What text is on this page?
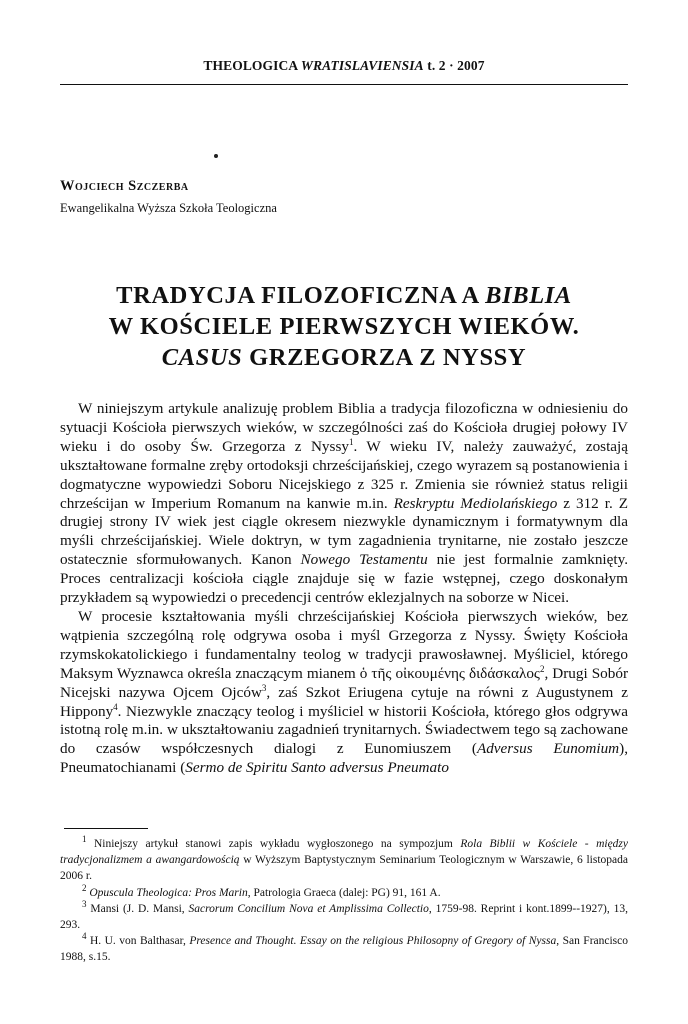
THEOLOGICA WRATISLAVIENSIA t. 2 · 2007
Wojciech Szczerba
Ewangelikalna Wyższa Szkoła Teologiczna
TRADYCJA FILOZOFICZNA A BIBLIA
W KOŚCIELE PIERWSZYCH WIEKÓW.
CASUS GRZEGORZA Z NYSSY

W niniejszym artykule analizuję problem Biblia a tradycja filozoficzna w odniesieniu do sytuacji Kościoła pierwszych wieków, w szczególności zaś do Kościoła drugiej połowy IV wieku i do osoby Św. Grzegorza z Nyssy$^1$. W wieku IV, należy zauważyć, zostają ukształtowane formalne zręby ortodoksji chrześcijańskiej, czego wyrazem są postanowienia i dogmatyczne wypowiedzi Soboru Nicejskiego z 325 r. Zmienia sie również status religii chrześcijan w Imperium Romanum na kanwie m.in. Reskryptu Mediolańskiego z 312 r. Z drugiej strony IV wiek jest ciągle okresem niezwykle dynamicznym i formatywnym dla myśli chrześcijańskiej. Wiele doktryn, w tym zagadnienia trynitarne, nie zostało jeszcze ostatecznie sformułowanych. Kanon Nowego Testamentu nie jest formalnie zamknięty. Proces centralizacji kościoła ciągle znajduje się w fazie wstępnej, czego doskonałym przykładem są wypowiedzi o precedencji centrów eklezjalnych na soborze w Nicei.

W procesie kształtowania myśli chrześcijańskiej Kościoła pierwszych wieków, bez wątpienia szczególną rolę odgrywa osoba i myśl Grzegorza z Nyssy. Święty Kościoła rzymskokatolickiego i fundamentalny teolog w tradycji prawosławnej. Myśliciel, którego Maksym Wyznawca określa znaczącym mianem ὁ τῆς οἰκουμένης διδάσκαλος$^2$, Drugi Sobór Nicejski nazywa Ojcem Ojców$^3$, zaś Szkot Eriugena cytuje na równi z Augustynem z Hippony$^4$. Niezwykle znaczący teolog i myśliciel w historii Kościoła, którego głos odgrywa istotną rolę m.in. w ukształtowaniu zagadnień trynitarnych. Świadectwem tego są zachowane do czasów współczesnych dialogi z Eunomiuszem (Adversus Eunomium), Pneumatochianami (Sermo de Spiritu Santo adversus Pneumato

$^1$ Niniejszy artykuł stanowi zapis wykładu wygłoszonego na sympozjum Rola Biblii w Kościele - między tradycjonalizmem a awangardowością w Wyższym Baptystycznym Seminarium Teologicznym w Warszawie, 6 listopada 2006 r.

$^2$ Opuscula Theologica: Pros Marin, Patrologia Graeca (dalej: PG) 91, 161 A.

$^3$ Mansi (J. D. Mansi, Sacrorum Concilium Nova et Amplissima Collectio, 1759-98. Reprint i kont.1899--1927), 13, 293.

$^4$ H. U. von Balthasar, Presence and Thought. Essay on the religious Philosopny of Gregory of Nyssa, San Francisco 1988, s.15.
